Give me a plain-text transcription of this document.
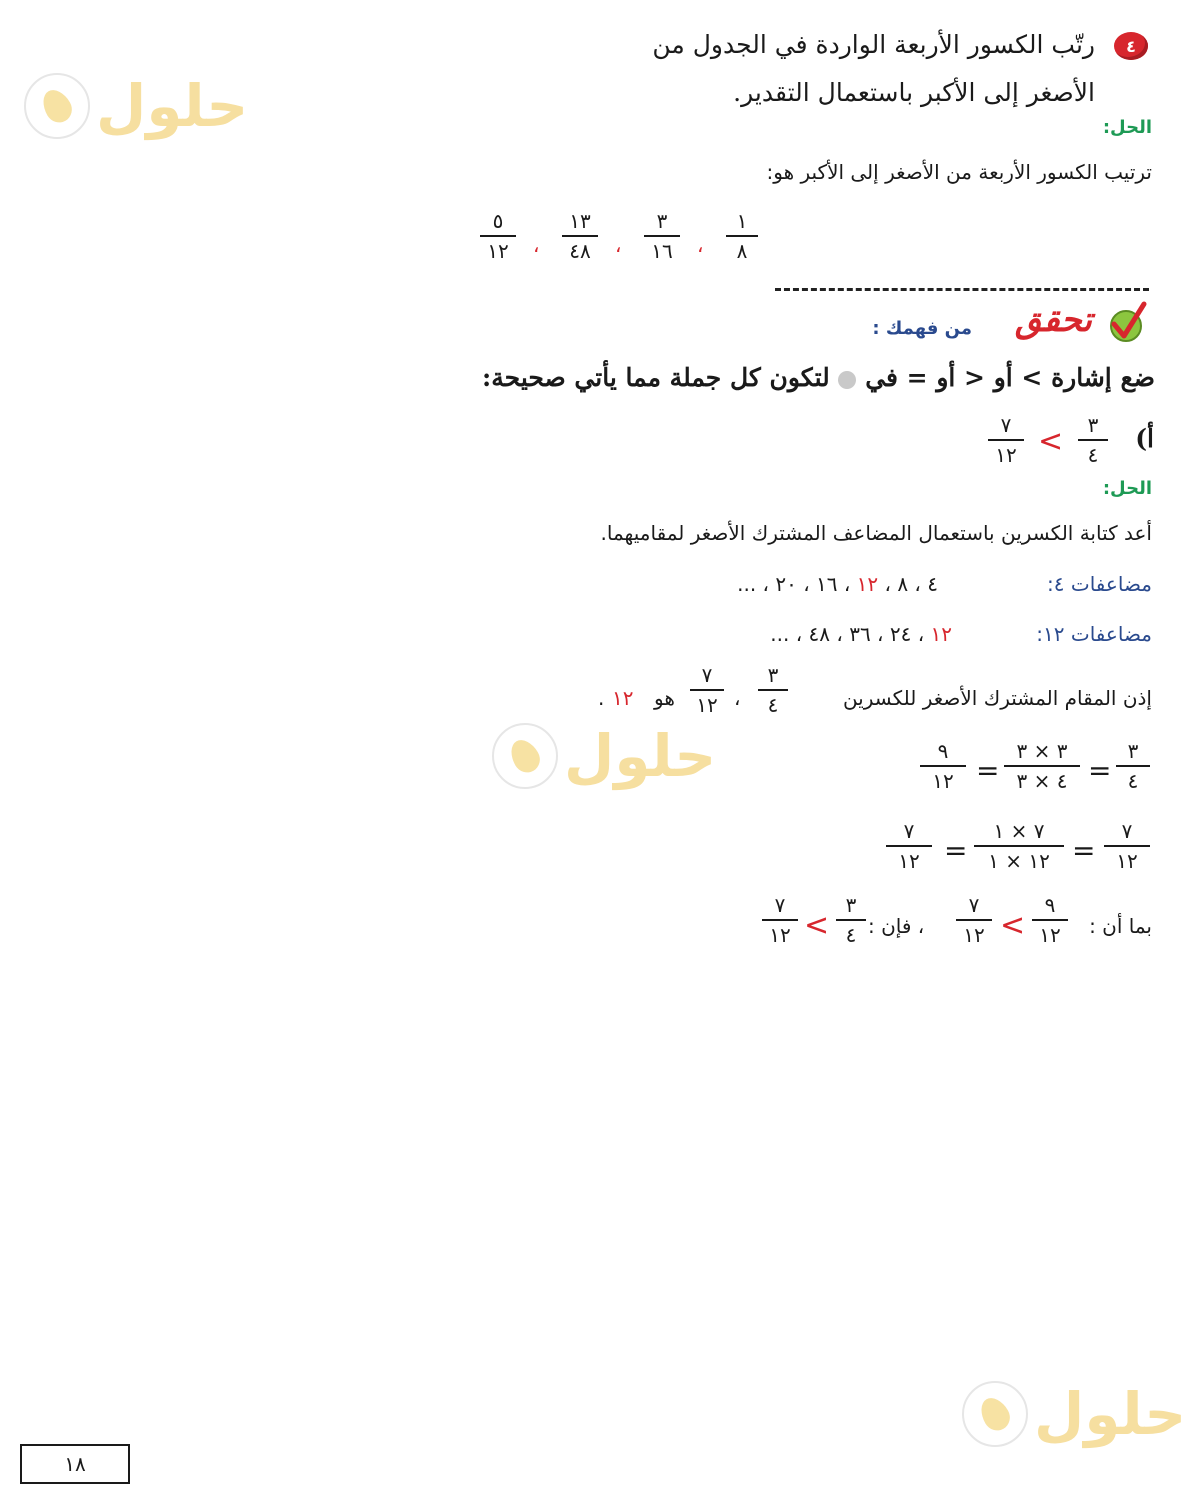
حلول
حلول
حلول
٤
رتّب الكسور الأربعة الواردة في الجدول من
الأصغر إلى الأكبر باستعمال التقدير.
الحل:
ترتيب الكسور الأربعة من الأصغر إلى الأكبر هو:
١
٨
،
٣
١٦
،
١٣
٤٨
،
٥
١٢
تحقق
من فهمك :
ضع إشارة > أو < أو = في  لتكون كل جملة مما يأتي صحيحة:
أ)
٣
٤
<
٧
١٢
الحل:
أعد كتابة الكسرين باستعمال المضاعف المشترك الأصغر لمقاميهما.
مضاعفات ٤:
٤ ، ٨ ، ١٢ ، ١٦ ، ٢٠ ، ...
مضاعفات ١٢:
١٢ ، ٢٤ ، ٣٦ ، ٤٨ ، ...
إذن المقام المشترك الأصغر للكسرين
٣
٤
،
٧
١٢
هو
١٢
.
٣
٤
=
٣ × ٣
٤ × ٣
=
٩
١٢
٧
١٢
=
٧ × ١
١٢ × ١
=
٧
١٢
بما أن :
٩
١٢
<
٧
١٢
، فإن :
٣
٤
<
٧
١٢
١٨
